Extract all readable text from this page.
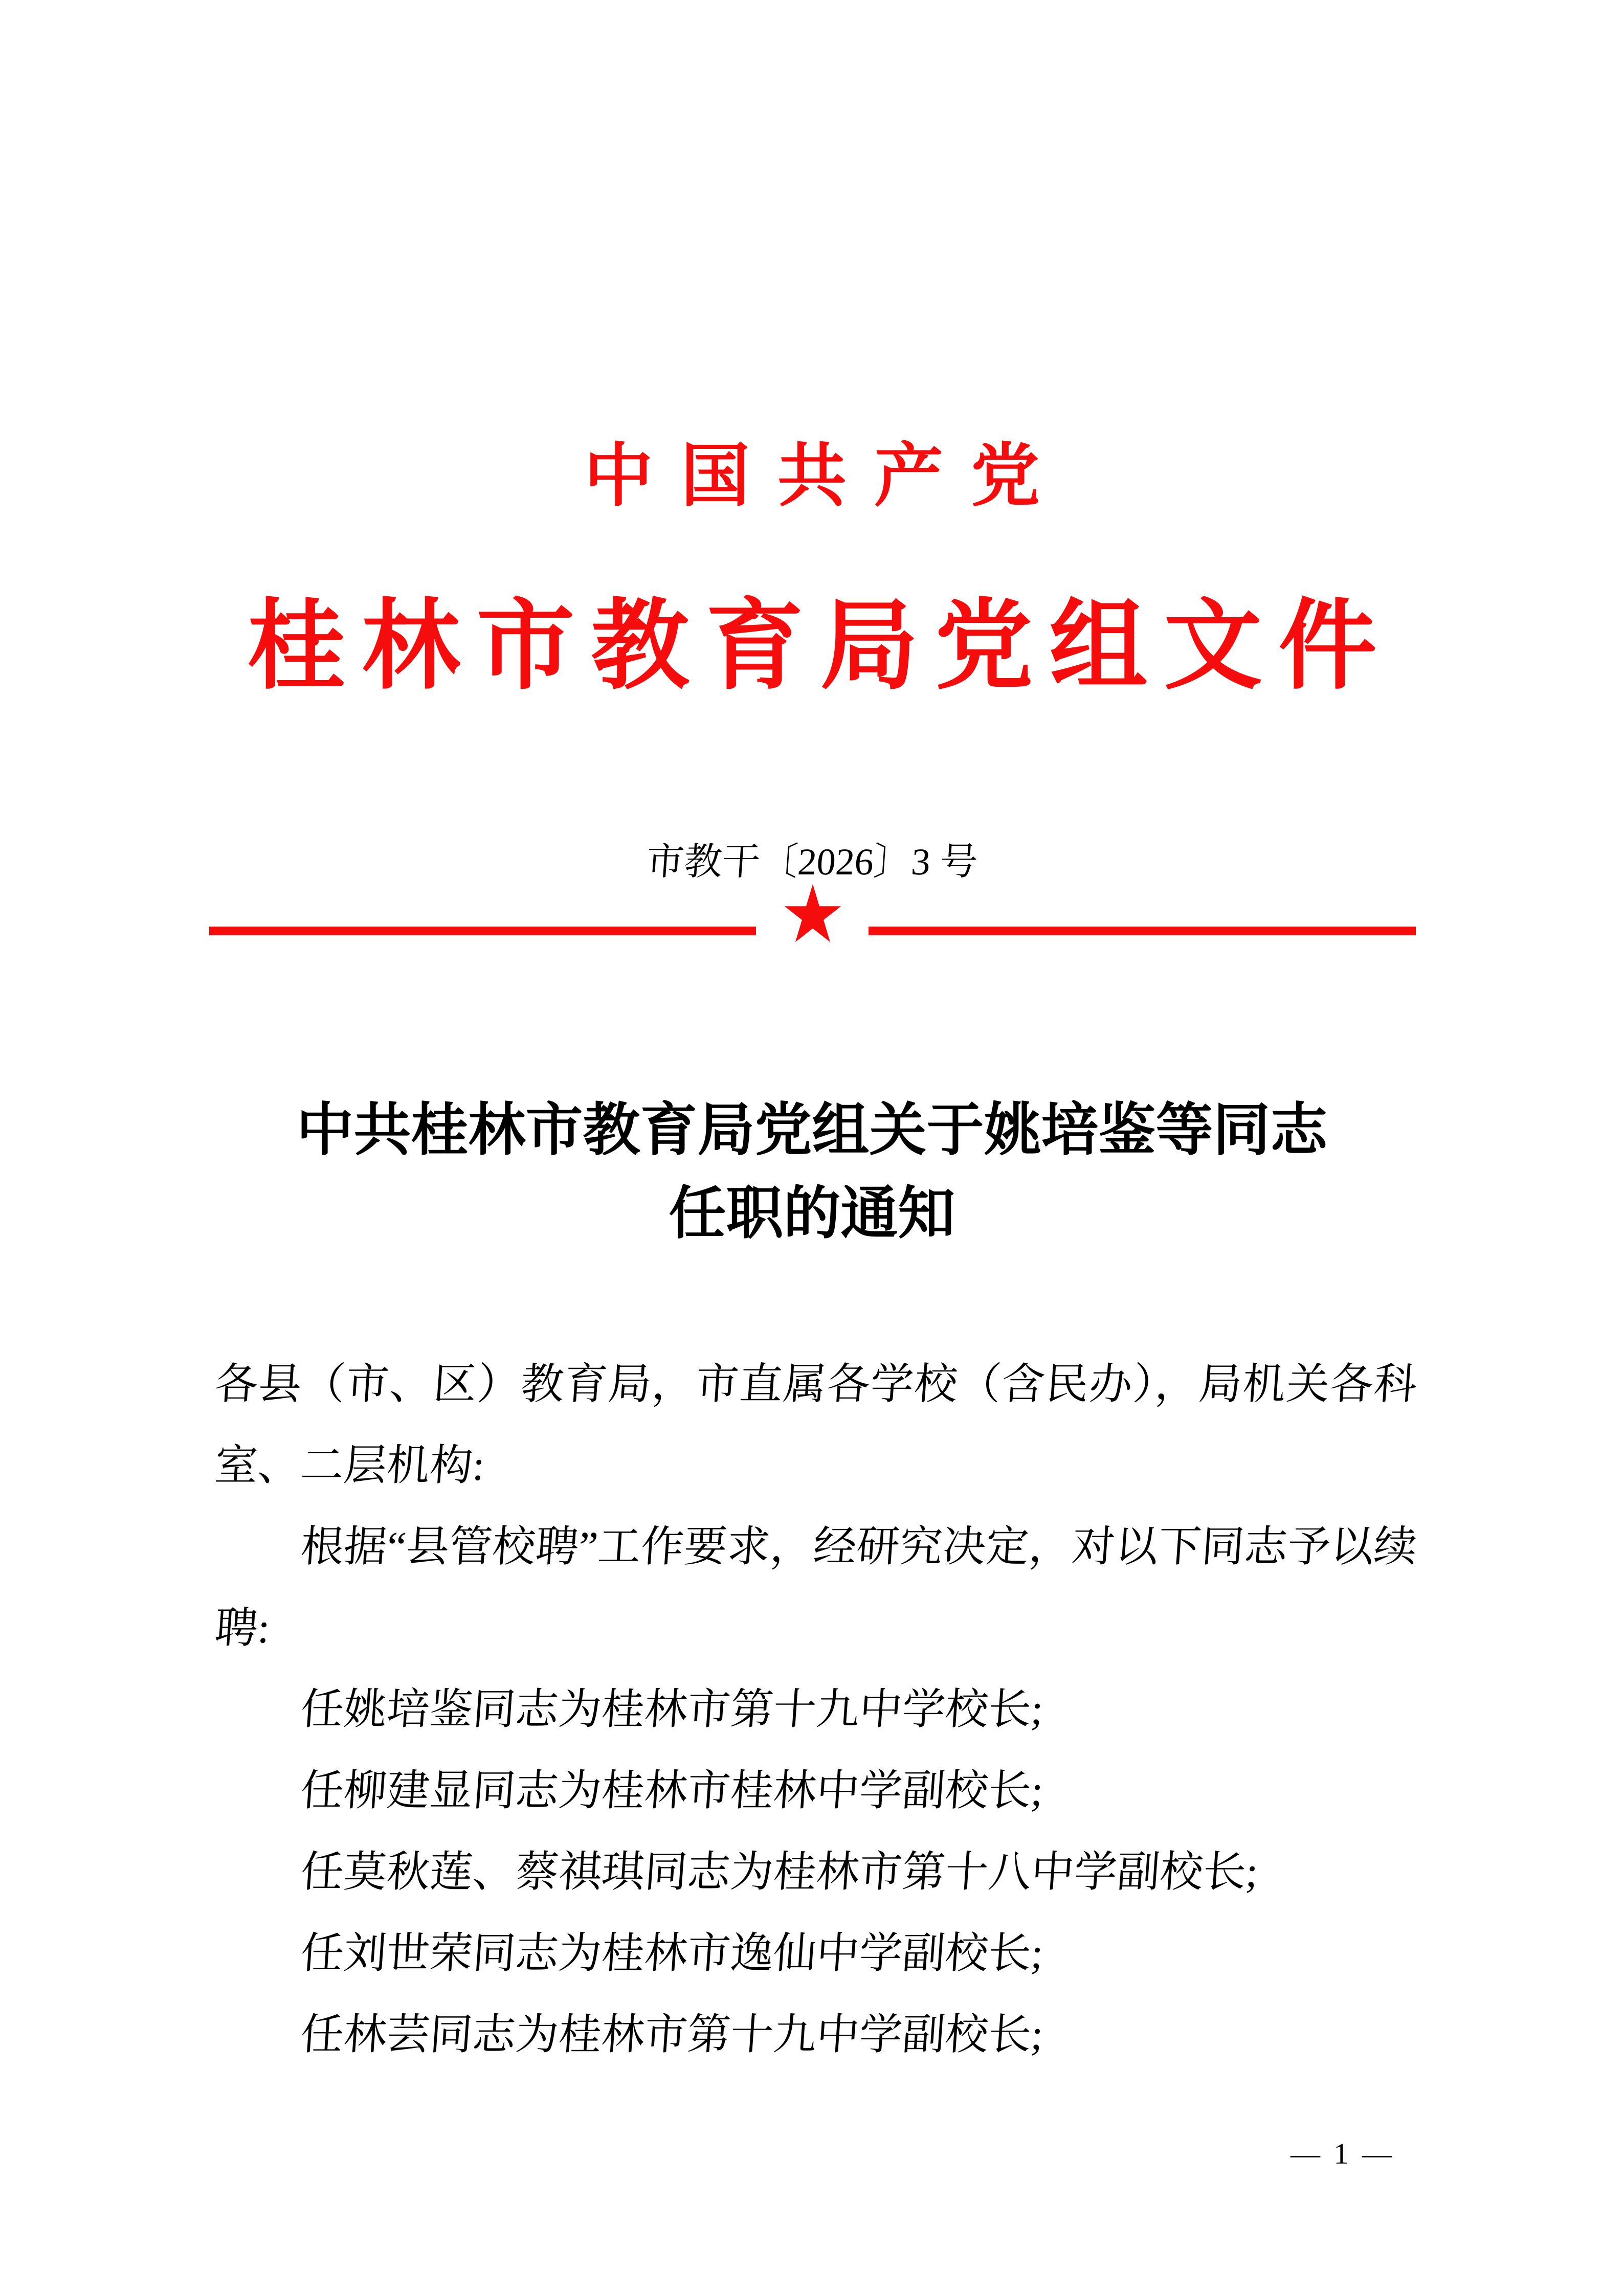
中国共产党
桂林市教育局党组文件
市教干〔2026〕3 号
中共桂林市教育局党组关于姚培鉴等同志
任职的通知
各县（市、区）教育局，市直属各学校（含民办），局机关各科
室、二层机构:
根据“县管校聘”工作要求，经研究决定，对以下同志予以续
聘:
任姚培鉴同志为桂林市第十九中学校长;
任柳建显同志为桂林市桂林中学副校长;
任莫秋莲、蔡祺琪同志为桂林市第十八中学副校长;
任刘世荣同志为桂林市逸仙中学副校长;
任林芸同志为桂林市第十九中学副校长;
— 1 —
